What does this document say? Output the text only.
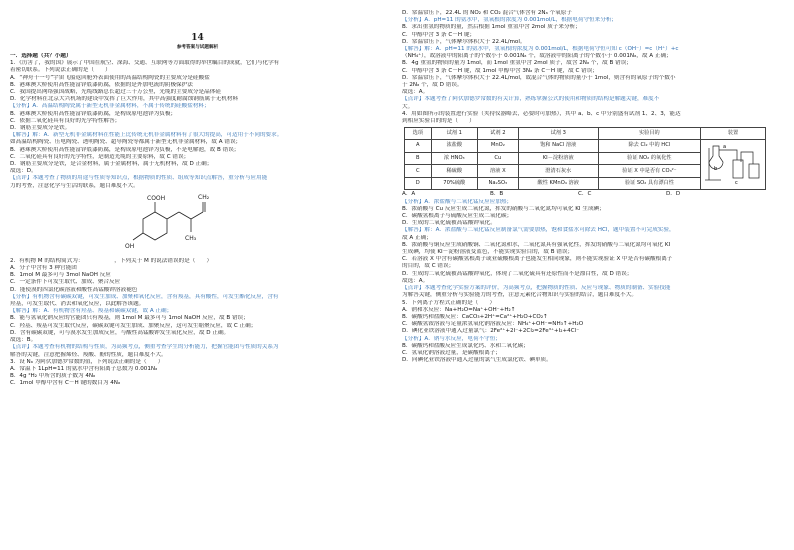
14
参考答案与试题解析

一．选择题（共？小题）

1．《厉害了，我的国》展示了中国在航空、深海、交通、互联网等方面取得的举世瞩目的成就，它们与化学有

着密切联系。下列说法正确的是（　　）

A．“神舟十一号”宇宙飞船返回舱外表面使用的高温结构陶瓷的主要成分是硅酸盐

B．港珠澳大桥使用高性能富锌底漆防腐，依据的是外加电流的阴极保护法

C．我国提出网络强国战略，光缆线路总长超过三千万公里，光缆的主要成分是晶体硅

D．化学材料在北京大兴机场的建设中发挥了巨大作用，其中高强度耐腐蚀钢筋属于无机材料

【分析】A．高温结构陶瓷属于新型无机非金属材料，不属于传统的硅酸盐材料；

B．港珠澳大桥使用高性能富锌底漆防腐，是构成原电池锌为负极；

C．依据二氧化硅具有良好的光学特性解答；

D．钢筋主要成分是铁。

【解答】解：A．新型无机非金属材料在性能上比传统无机非金属材料有了很大的提高，可适用于不同的要求。

如高温结构陶瓷、压电陶瓷、透明陶瓷、超导陶瓷等都属于新型无机非金属材料，故 A 错误；

B．港珠澳大桥使用高性能富锌底漆防腐，是构成原电池锌为负极，不是电解池，故 B 错误；

C．二氧化硅具有良好的光学特性，是制造光缆的主要原料，故 C 错误；

D．钢筋主要成分是铁，是合金材料，属于金属材料，属于无机材料，故 D 正确；

故选：D。

【点评】本题考查了物质的用途与性质等知识点，根据物质的性质、组成等知识点解答，重分析与应用能

力的考查，注意化学与生活的联系，题目难度不大。

COOH
OH
CH₂
CH₃

2．有机物 M 的结构简式为：　　　　　　，下列关于 M 的说法错误的是（　　）

A．分子中含有 3 种官能团

B．1mol M 最多可与 3mol NaOH 反应

C．一定条件下可发生取代、加成、聚合反应

D．能使溴的四氯化碳溶液和酸性高锰酸钾溶液褪色

【分析】有机物含有碳碳双键，可发生加成、加聚和氧化反应，含有羧基，具有酸性，可发生酯化反应，含有

羟基，可发生取代、消去和氧化反应，以此解答该题。

【解答】解：A．有机物含有羟基、羧基和碳碳双键，故 A 正确；

B．能与氢氧化钠反应的官能团只有羧基，则 1mol M 最多可与 1mol NaOH 反应，故 B 错误；

C．羟基、羧基可发生取代反应，碳碳双键可发生加成、加聚反应，这可发生缩聚反应，故 C 正确；

D．含有碳碳双键，可与溴水发生加成反应，与酸性高锰酸钾发生氧化反应，故 D 正确。

故选：B。

【点评】本题考查有机物的结构与性质，为高频考点，侧重考查学生的分析能力，把握官能团与性质的关系为

解答的关键，注意把握烯烃、羧酸、酚的性质，题目难度不大。

3．设 Nₐ 为阿伏加德罗常数的值，下列说法正确的是（　　）

A．常温下 1LpH=11 的氨水中含有阳离子总数为 0.001Nₐ

B．4g ²H₂ 中所含的质子数为 4Nₐ

C．1mol 甲醇中含有 C－H 键的数目为 4Nₐ

D．常温常压下，22.4L 的 NO₂ 和 CO₂ 混合气体含有 2Nₐ 个氧原子

【分析】A．pH=11 的氨水中，氢氧根的浓度为 0.001mol/L，根据电荷守恒来分析；

B．求出重氢的物质的量，然后根据 1mol 重氢中含 2mol 质子来分析；

C．甲醇中含 3 条 C－H 键；

D．常温常压下，气体摩尔体积大于 22.4L/mol。

【解答】解：A．pH=11 的氨水中，氢氧根的浓度为 0.001mol/L，根据电荷守恒可知 c（OH⁻）=c（H⁺）+c

（NH₄⁺），故溶液中的阳离子的个数小于 0.001Nₐ 个，故溶液中的阳离子的个数小于 0.001Nₐ，故 A 正确；

B．4g 重氢的物质的量为 1mol，而 1mol 重氢中含 2mol 质子，故含 2Nₐ 个，故 B 错误；

C．甲醇中含 3 条 C－H 键，故 1mol 甲醇中含 3Nₐ 条 C－H 键，故 C 错误；

D．常温常压下，气体摩尔体积大于 22.4L/mol，故混合气体的物质的量小于 1mol，则含有的氧原子的个数小

于 2Nₐ 个，故 D 错误。

故选：A。

【点评】本题考查了阿伏加德罗常数的有关计算，熟练掌握公式的使用和物质的结构是解题关键，难度不

大。

4．用如图所示的装置进行实验（夹持仪器略去，必要时可加热），其中 a、b、c 中分别盛有试剂 1、2、3，能达

到相应实验目的的是（　　）

选项	试剂 1	试剂 2	试剂 3	实验目的	装置
A	浓盐酸	MnO₂	饱和 NaCl 溶液	除去 Cl₂ 中的 HCl	a
b
c

B	浓 HNO₃	Cu	KI－淀粉溶液	验证 NO₂ 的氧化性	
C	稀硫酸	溶液 X	澄清石灰水	验证 X 中是否有 CO₃²⁻	
D	70%硫酸	Na₂SO₃	酸性 KMnO₄ 溶液	验证 SO₂ 具有漂白性	
A．A	B．B	C．C	D．D

【分析】A．浓盐酸与二氧化锰反应应加热；

B．浓硝酸与 Cu 反应生成二氧化氮，挥发的硝酸与二氧化氮均可氧化 KI 生成碘；

C．碳酸氢根离子与硫酸反应生成二氧化碳；

D．生成的二氧化硫被高锰酸钾氧化。

【解答】解：A．浓盐酸与二氧化锰反应制备氯气需要加热，饱和食盐水可除去 HCl，题中装置不可完成实验，

故 A 正确；

B．浓硝酸与铜反应生成硝酸铜、二氧化氮和水，二氧化氮具有强氧化性，挥发的硝酸与二氧化氮均可氧化 KI

生成碘，均使 KI－淀粉溶液变蓝色，不能实现实验目的，故 B 错误；

C．若溶液 X 中含有碳酸氢根离子或亚硫酸根离子也能发生相同现象，则不能实现验证 X 中是否有碳酸根离子

的目的，故 C 错误；

D．生成的二氧化硫被高锰酸钾氧化，体现了二氧化硫具有还原性而不是漂白性，故 D 错误；

故选：A。

【点评】本题考查化学实验方案的评价，为高频考点，把握物质的性质、反应与现象、物质的制备、实验技能

为解答关键，侧重分析与实验能力的考查，注意元素化合物知识与实验的结合，题目难度不大。

5．下列离子方程式正确的是（　　）

A．钠和水反应：Na+H₂O=Na⁺+OH⁻+H₂↑

B．碳酸钙和盐酸反应：CaCO₃+2H⁺=Ca²⁺+H₂O+CO₂↑

C．碳酸氢铵溶液与足量浓氢氧化钠溶液反应：NH₄⁺+OH⁻=NH₃↑+H₂O

D．碘化亚铁溶液中通入过量氯气：2Fe²⁺+2I⁻+2Cl₂=2Fe³⁺+I₂+4Cl⁻

【分析】A．钠与水反应，电荷不守恒；

B．碳酸钙和盐酸反应生成氯化钙、水和二氧化碳；

C．氢氧化钠溶液过量，是碳酸根离子；

D．向碘化亚铁溶液中通入过量的氯气生成氯化铁、碘单质。
